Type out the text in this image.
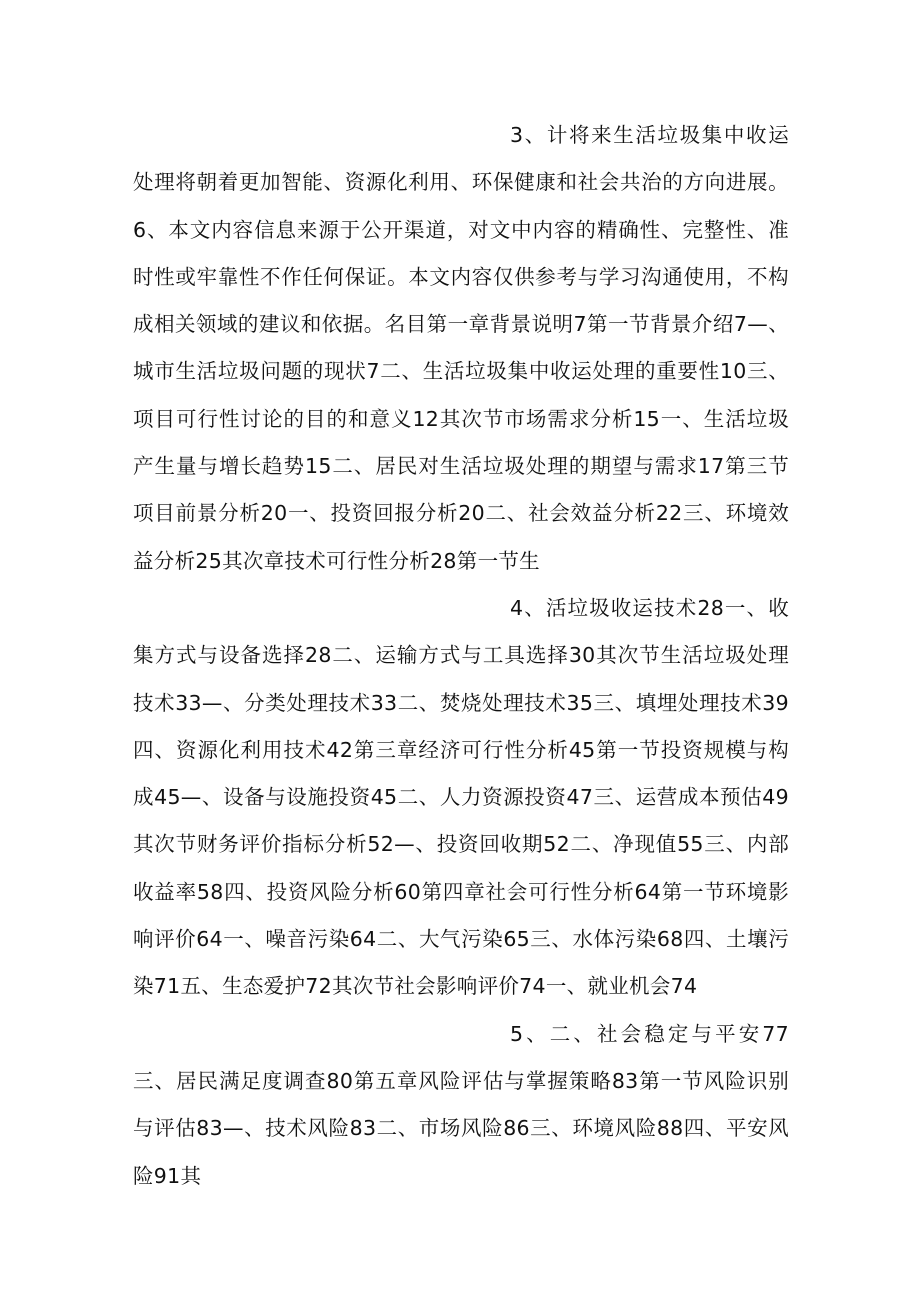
3、计将来生活垃圾集中收运处理将朝着更加智能、资源化利用、环保健康和社会共治的方向进展。6、本文内容信息来源于公开渠道，对文中内容的精确性、完整性、准时性或牢靠性不作任何保证。本文内容仅供参考与学习沟通使用，不构成相关领域的建议和依据。名目第一章背景说明7第一节背景介绍7—、城市生活垃圾问题的现状7二、生活垃圾集中收运处理的重要性10三、项目可行性讨论的目的和意义12其次节市场需求分析15一、生活垃圾产生量与增长趋势15二、居民对生活垃圾处理的期望与需求17第三节项目前景分析20一、投资回报分析20二、社会效益分析22三、环境效益分析25其次章技术可行性分析28第一节生

4、活垃圾收运技术28一、收集方式与设备选择28二、运输方式与工具选择30其次节生活垃圾处理技术33—、分类处理技术33二、焚烧处理技术35三、填埋处理技术39四、资源化利用技术42第三章经济可行性分析45第一节投资规模与构成45—、设备与设施投资45二、人力资源投资47三、运营成本预估49其次节财务评价指标分析52—、投资回收期52二、净现值55三、内部收益率58四、投资风险分析60第四章社会可行性分析64第一节环境影响评价64一、噪音污染64二、大气污染65三、水体污染68四、土壤污染71五、生态爱护72其次节社会影响评价74一、就业机会74

5、二、社会稳定与平安77三、居民满足度调查80第五章风险评估与掌握策略83第一节风险识别与评估83—、技术风险83二、市场风险86三、环境风险88四、平安风险91其
